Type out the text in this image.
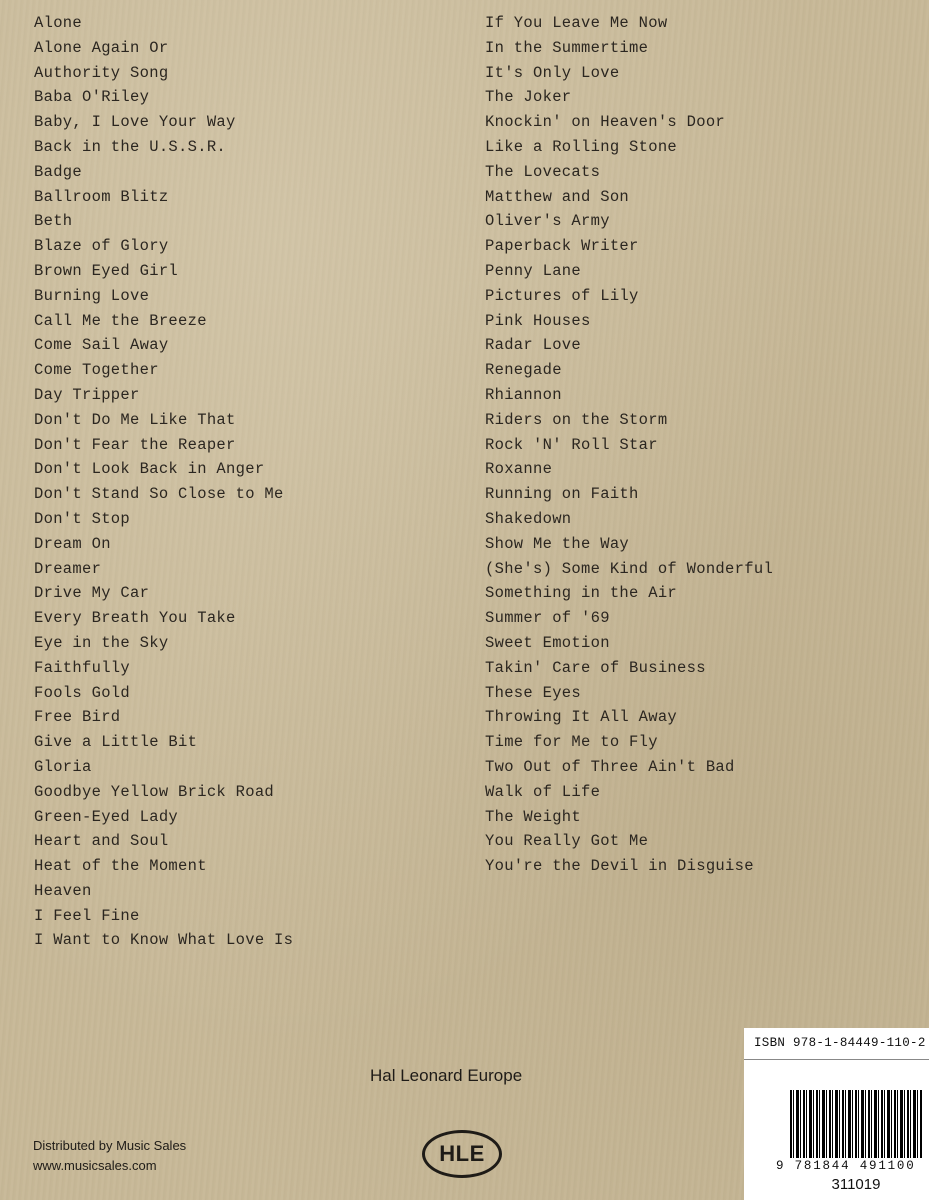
Alone
Alone Again Or
Authority Song
Baba O'Riley
Baby, I Love Your Way
Back in the U.S.S.R.
Badge
Ballroom Blitz
Beth
Blaze of Glory
Brown Eyed Girl
Burning Love
Call Me the Breeze
Come Sail Away
Come Together
Day Tripper
Don't Do Me Like That
Don't Fear the Reaper
Don't Look Back in Anger
Don't Stand So Close to Me
Don't Stop
Dream On
Dreamer
Drive My Car
Every Breath You Take
Eye in the Sky
Faithfully
Fools Gold
Free Bird
Give a Little Bit
Gloria
Goodbye Yellow Brick Road
Green-Eyed Lady
Heart and Soul
Heat of the Moment
Heaven
I Feel Fine
I Want to Know What Love Is
If You Leave Me Now
In the Summertime
It's Only Love
The Joker
Knockin' on Heaven's Door
Like a Rolling Stone
The Lovecats
Matthew and Son
Oliver's Army
Paperback Writer
Penny Lane
Pictures of Lily
Pink Houses
Radar Love
Renegade
Rhiannon
Riders on the Storm
Rock 'N' Roll Star
Roxanne
Running on Faith
Shakedown
Show Me the Way
(She's) Some Kind of Wonderful
Something in the Air
Summer of '69
Sweet Emotion
Takin' Care of Business
These Eyes
Throwing It All Away
Time for Me to Fly
Two Out of Three Ain't Bad
Walk of Life
The Weight
You Really Got Me
You're the Devil in Disguise
Hal Leonard Europe
Distributed by Music Sales
www.musicsales.com	HLE
ISBN 978-1-84449-110-2
9 781844 491100
311019
